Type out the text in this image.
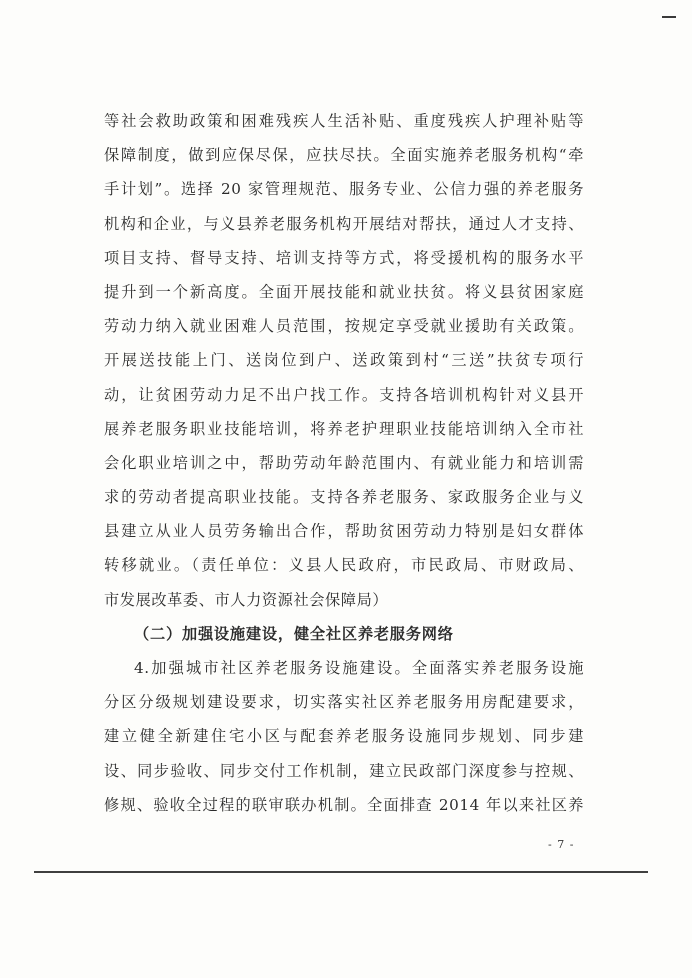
等社会救助政策和困难残疾人生活补贴、重度残疾人护理补贴等
保障制度，做到应保尽保，应扶尽扶。全面实施养老服务机构“牵
手计划”。选择 20 家管理规范、服务专业、公信力强的养老服务
机构和企业，与义县养老服务机构开展结对帮扶，通过人才支持、
项目支持、督导支持、培训支持等方式，将受援机构的服务水平
提升到一个新高度。全面开展技能和就业扶贫。将义县贫困家庭
劳动力纳入就业困难人员范围，按规定享受就业援助有关政策。
开展送技能上门、送岗位到户、送政策到村“三送”扶贫专项行
动，让贫困劳动力足不出户找工作。支持各培训机构针对义县开
展养老服务职业技能培训，将养老护理职业技能培训纳入全市社
会化职业培训之中，帮助劳动年龄范围内、有就业能力和培训需
求的劳动者提高职业技能。支持各养老服务、家政服务企业与义
县建立从业人员劳务输出合作，帮助贫困劳动力特别是妇女群体
转移就业。（责任单位：义县人民政府，市民政局、市财政局、
市发展改革委、市人力资源社会保障局）
（二）加强设施建设，健全社区养老服务网络
4.加强城市社区养老服务设施建设。全面落实养老服务设施
分区分级规划建设要求，切实落实社区养老服务用房配建要求，
建立健全新建住宅小区与配套养老服务设施同步规划、同步建
设、同步验收、同步交付工作机制，建立民政部门深度参与控规、
修规、验收全过程的联审联办机制。全面排查 2014 年以来社区养
- 7 -
